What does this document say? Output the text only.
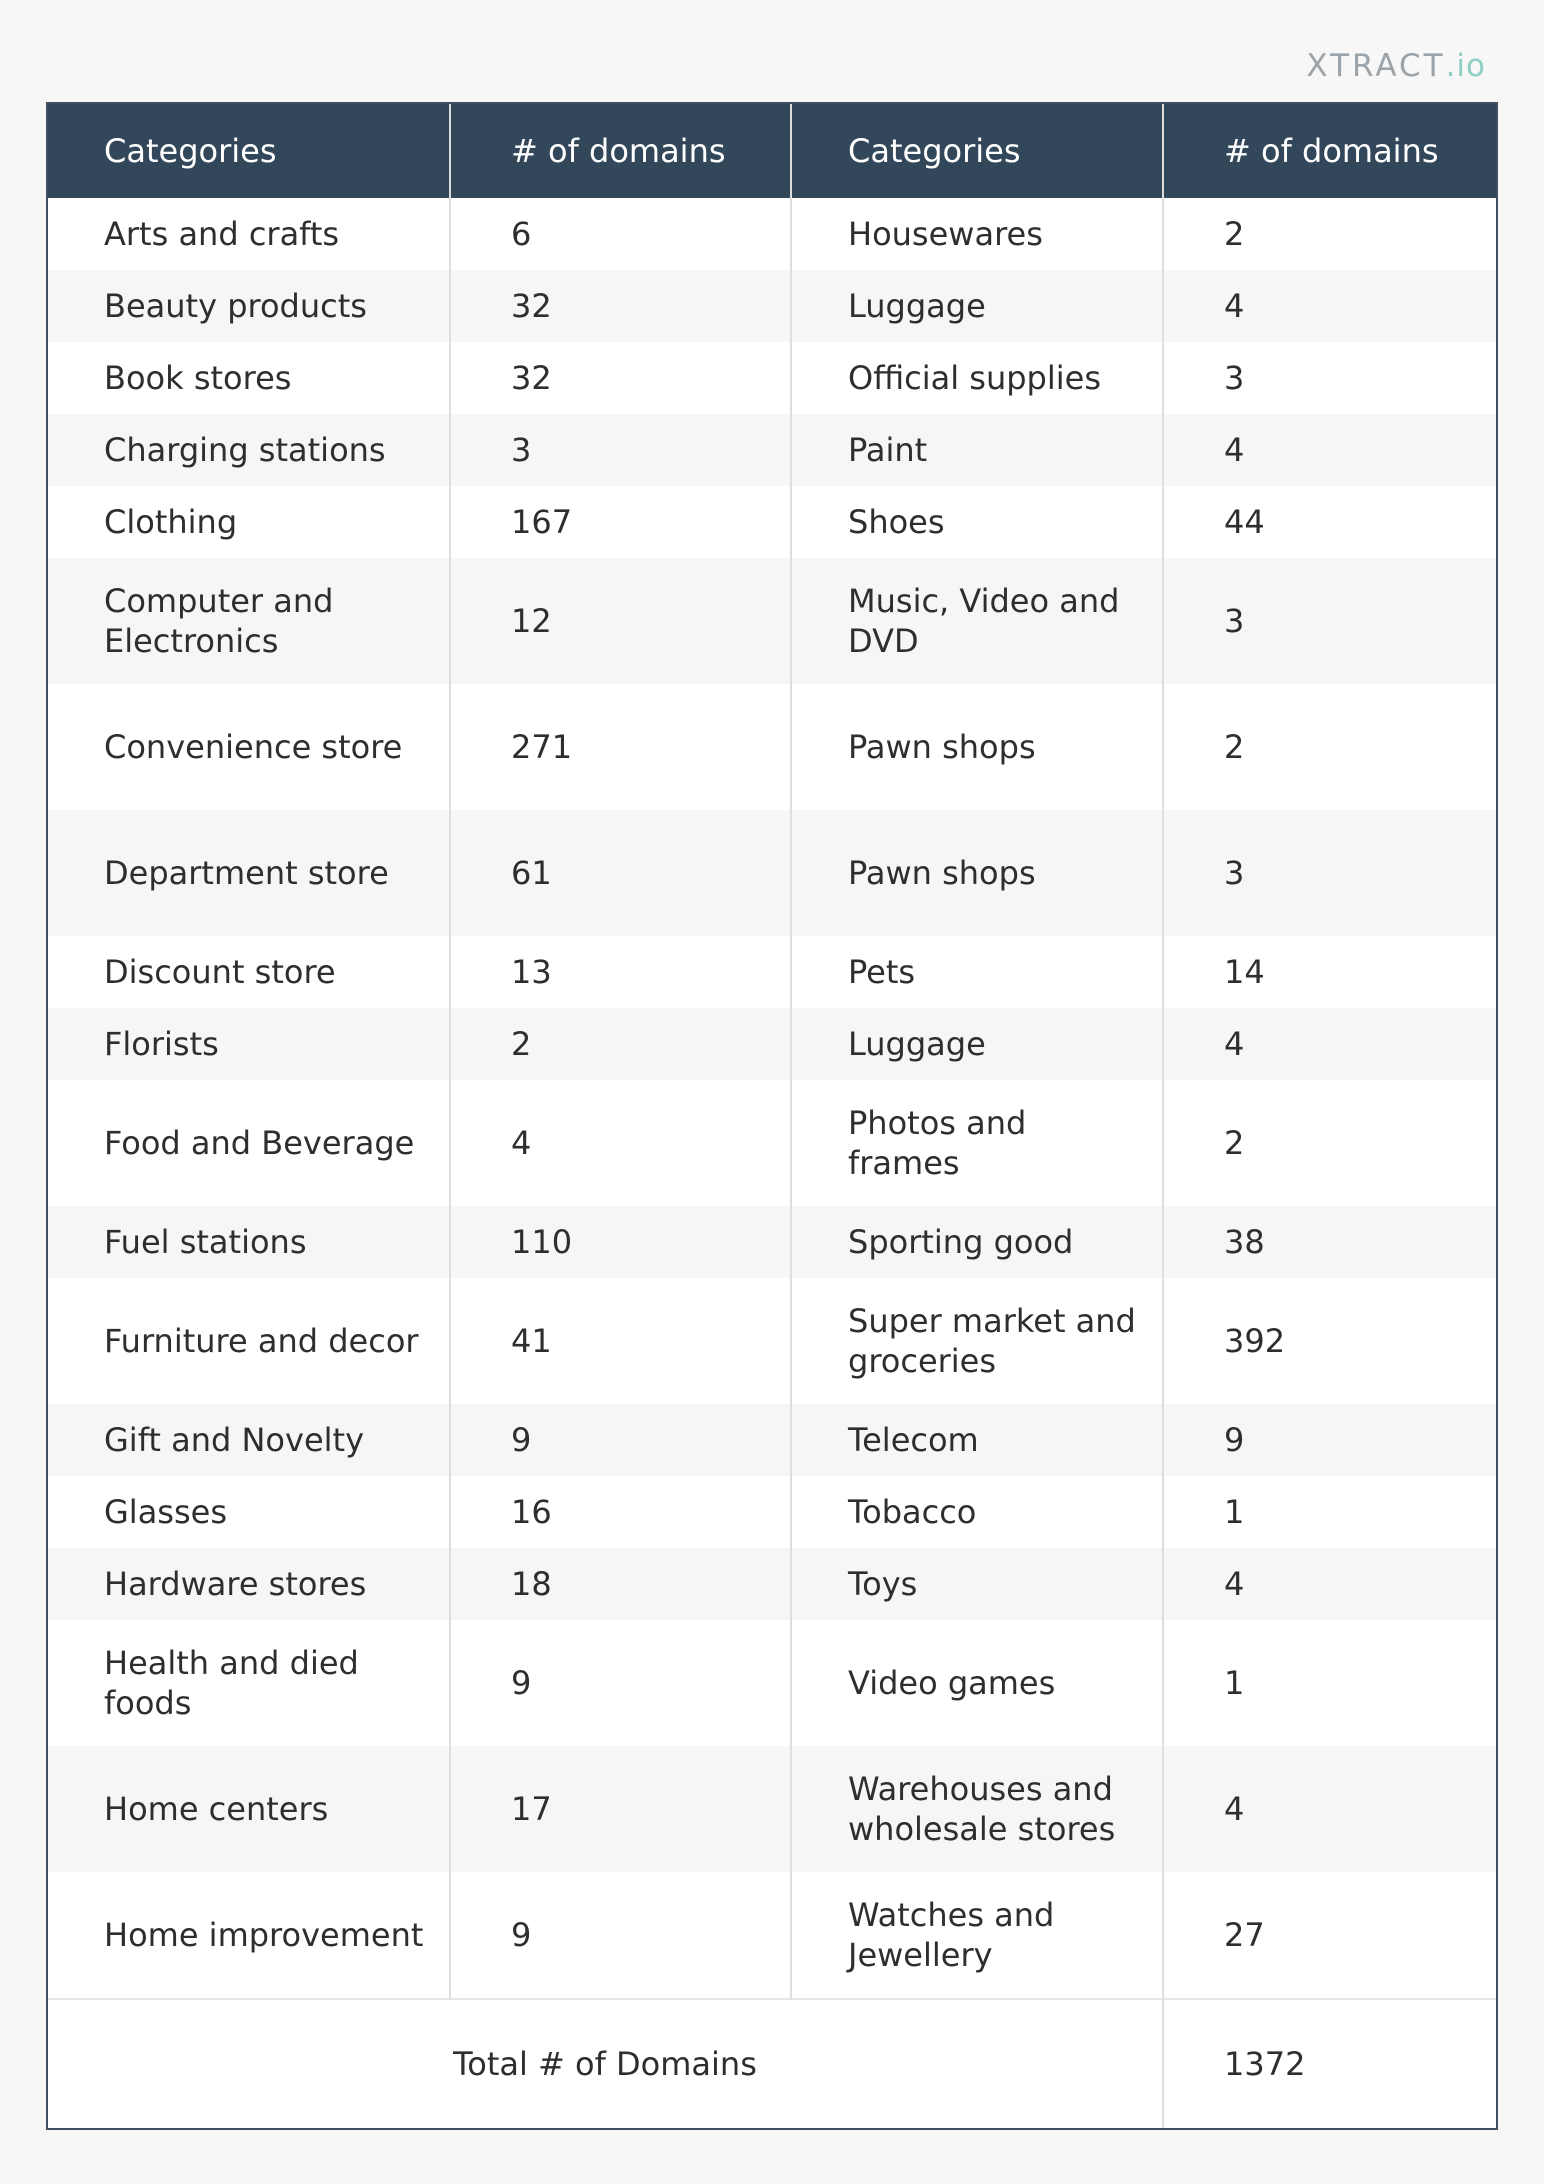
XTRACT.io
Categories	# of domains	Categories	# of domains
Arts and crafts	6	Housewares	2
Beauty products	32	Luggage	4
Book stores	32	Official supplies	3
Charging stations	3	Paint	4
Clothing	167	Shoes	44
Computer and Electronics	12	Music, Video and DVD	3
Convenience store	271	Pawn shops	2
Department store	61	Pawn shops	3
Discount store	13	Pets	14
Florists	2	Luggage	4
Food and Beverage	4	Photos and frames	2
Fuel stations	110	Sporting good	38
Furniture and decor	41	Super market and groceries	392
Gift and Novelty	9	Telecom	9
Glasses	16	Tobacco	1
Hardware stores	18	Toys	4
Health and died foods	9	Video games	1
Home centers	17	Warehouses and wholesale stores	4
Home improvement	9	Watches and Jewellery	27
Total # of Domains			1372
